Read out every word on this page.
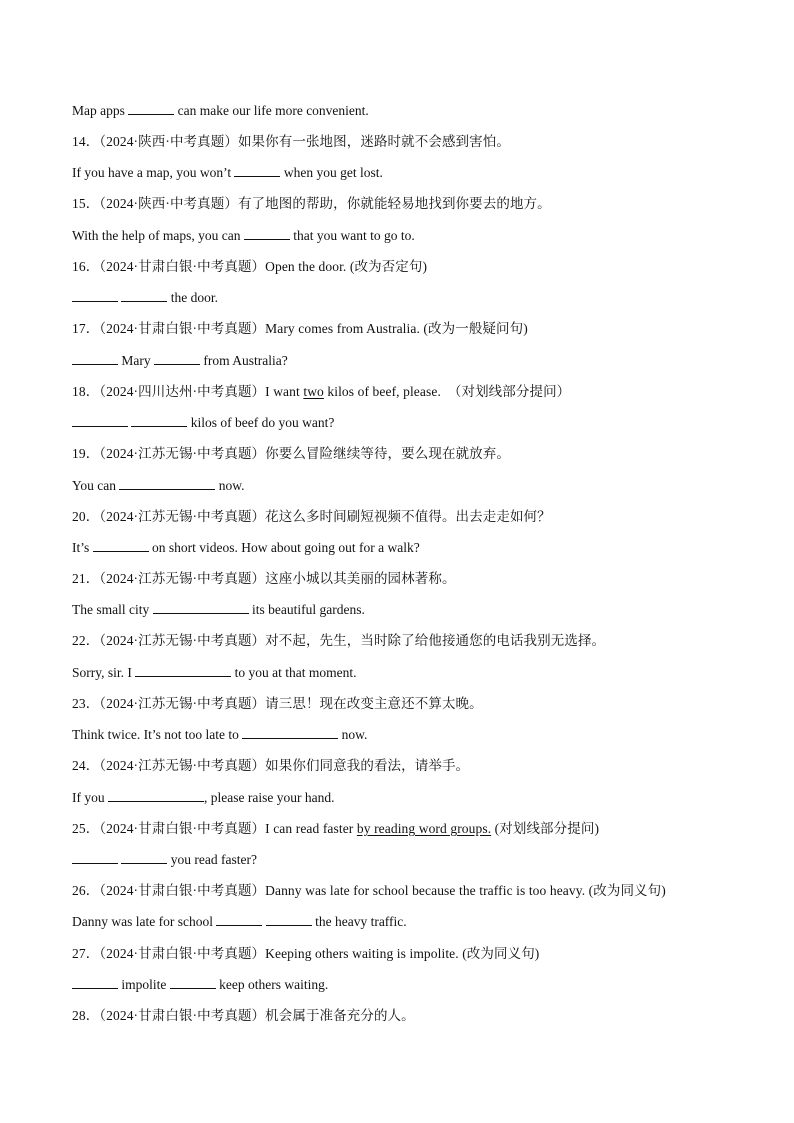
Map apps	can make our life more convenient.
14．（2024·陕西·中考真题）如果你有一张地图，迷路时就不会感到害怕。
If you have a map, you won’t	when you get lost.
15．（2024·陕西·中考真题）有了地图的帮助，你就能轻易地找到你要去的地方。
With the help of maps, you can	that you want to go to.
16．（2024·甘肃白银·中考真题）Open the door. (改为否定句)
the door.
17．（2024·甘肃白银·中考真题）Mary comes from Australia. (改为一般疑问句)
Mary	from Australia?
18．（2024·四川达州·中考真题）I want two kilos of beef, please.  （对划线部分提问）
kilos of beef do you want?
19．（2024·江苏无锡·中考真题）你要么冒险继续等待，要么现在就放弃。
You can	now.
20．（2024·江苏无锡·中考真题）花这么多时间刷短视频不值得。出去走走如何？
It’s	on short videos. How about going out for a walk?
21．（2024·江苏无锡·中考真题）这座小城以其美丽的园林著称。
The small city	its beautiful gardens.
22．（2024·江苏无锡·中考真题）对不起，先生，当时除了给他接通您的电话我别无选择。
Sorry, sir. I	to you at that moment.
23．（2024·江苏无锡·中考真题）请三思！现在改变主意还不算太晚。
Think twice. It’s not too late to	now.
24．（2024·江苏无锡·中考真题）如果你们同意我的看法，请举手。
If you	, please raise your hand.
25．（2024·甘肃白银·中考真题）I can read faster by reading word groups. (对划线部分提问)
you read faster?
26．（2024·甘肃白银·中考真题）Danny was late for school because the traffic is too heavy. (改为同义句)
Danny was late for school	the heavy traffic.
27．（2024·甘肃白银·中考真题）Keeping others waiting is impolite. (改为同义句)
impolite	keep others waiting.
28．（2024·甘肃白银·中考真题）机会属于准备充分的人。
